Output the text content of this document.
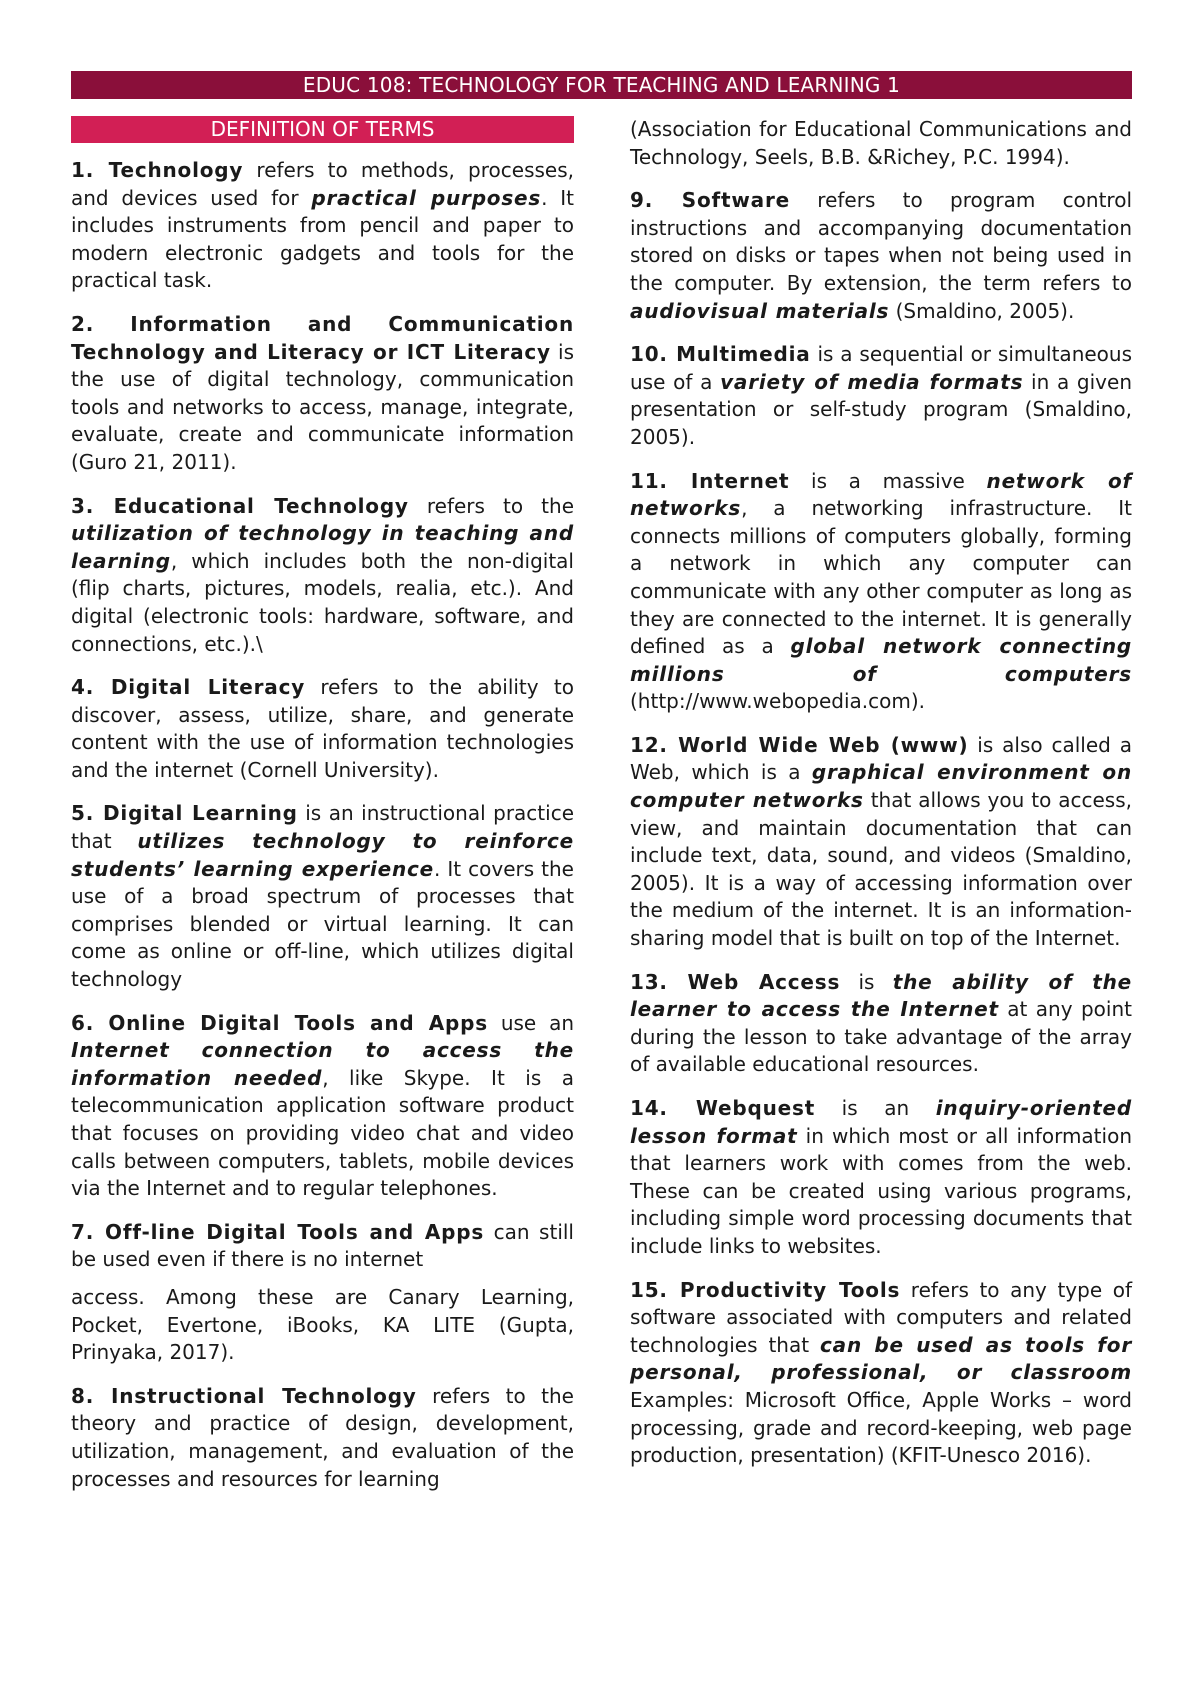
EDUC 108: TECHNOLOGY FOR TEACHING AND LEARNING 1
DEFINITION OF TERMS

1. Technology refers to methods, processes, and devices used for practical purposes. It includes instruments from pencil and paper to modern electronic gadgets and tools for the practical task.

2. Information and Communication Technology and Literacy or ICT Literacy is the use of digital technology, communication tools and networks to access, manage, integrate, evaluate, create and communicate information (Guro 21, 2011).

3. Educational Technology refers to the utilization of technology in teaching and learning, which includes both the non-digital (flip charts, pictures, models, realia, etc.). And digital (electronic tools: hardware, software, and connections, etc.).\

4. Digital Literacy refers to the ability to discover, assess, utilize, share, and generate content with the use of information technologies and the internet (Cornell University).

5. Digital Learning is an instructional practice that utilizes technology to reinforce students’ learning experience. It covers the use of a broad spectrum of processes that comprises blended or virtual learning. It can come as online or off-line, which utilizes digital technology

6. Online Digital Tools and Apps use an Internet connection to access the information needed, like Skype. It is a telecommunication application software product that focuses on providing video chat and video calls between computers, tablets, mobile devices via the Internet and to regular telephones.

7. Off-line Digital Tools and Apps can still be used even if there is no internet

access. Among these are Canary Learning, Pocket, Evertone, iBooks, KA LITE (Gupta, Prinyaka, 2017).

8. Instructional Technology refers to the theory and practice of design, development, utilization, management, and evaluation of the processes and resources for learning

(Association for Educational Communications and Technology, Seels, B.B. &Richey, P.C. 1994).

9. Software refers to program control instructions and accompanying documentation stored on disks or tapes when not being used in the computer. By extension, the term refers to audiovisual materials (Smaldino, 2005).

10. Multimedia is a sequential or simultaneous use of a variety of media formats in a given presentation or self-study program (Smaldino, 2005).

11. Internet is a massive network of networks, a networking infrastructure. It connects millions of computers globally, forming a network in which any computer can communicate with any other computer as long as they are connected to the internet. It is generally defined as a global network connecting millions of computers (http://www.webopedia.com).

12. World Wide Web (www) is also called a Web, which is a graphical environment on computer networks that allows you to access, view, and maintain documentation that can include text, data, sound, and videos (Smaldino, 2005). It is a way of accessing information over the medium of the internet. It is an information-sharing model that is built on top of the Internet.

13. Web Access is the ability of the learner to access the Internet at any point during the lesson to take advantage of the array of available educational resources.

14. Webquest is an inquiry-oriented lesson format in which most or all information that learners work with comes from the web. These can be created using various programs, including simple word processing documents that include links to websites.

15. Productivity Tools refers to any type of software associated with computers and related technologies that can be used as tools for personal, professional, or classroom Examples: Microsoft Office, Apple Works – word processing, grade and record-keeping, web page production, presentation) (KFIT-Unesco 2016).
